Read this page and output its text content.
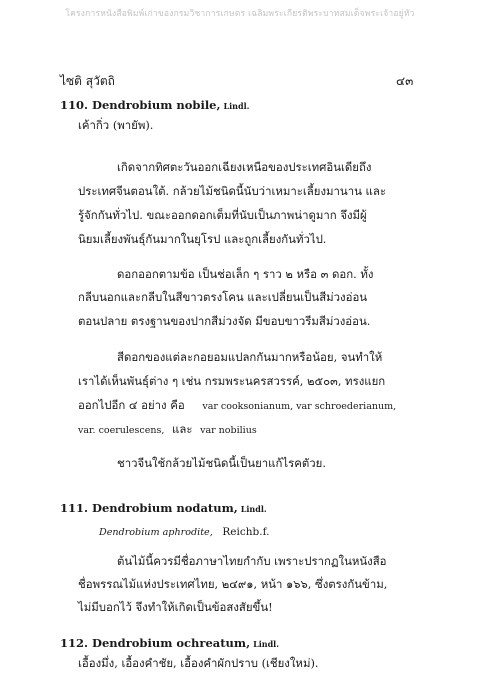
โครงการหนังสือพิมพ์เก่าของกรมวิชาการเกษตร เฉลิมพระเกียรติพระบาทสมเด็จพระเจ้าอยู่หัว
ไซติ สุวัตถิ	๔๓
110. Dendrobium nobile, Lindl.
เค้ากิ่ว (พายัพ).
เกิดจากทิศตะวันออกเฉียงเหนือของประเทศอินเดียถึง
ประเทศจีนตอนใต้. กล้วยไม้ชนิดนี้นับว่าเหมาะเลี้ยงมานาน และ
รู้จักกันทั่วไป. ขณะออกดอกเต็มที่นับเป็นภาพน่าดูมาก จึงมีผู้
นิยมเลี้ยงพันธุ์กันมากในยุโรป และถูกเลี้ยงกันทั่วไป.
ดอกออกตามข้อ เป็นช่อเล็ก ๆ ราว ๒ หรือ ๓ ดอก. ทั้ง
กลีบนอกและกลีบในสีขาวตรงโคน และเปลี่ยนเป็นสีม่วงอ่อน
ตอนปลาย ตรงฐานของปากสีม่วงจัด มีขอบขาวรีมสีม่วงอ่อน.
สีดอกของแต่ละกอยอมแปลกกันมากหรือน้อย, จนทำให้
เราได้เห็นพันธุ์ต่าง ๆ เช่น กรมพระนครสวรรค์, ๒๕๐๓, ทรงแยก
ออกไปอีก ๔ อย่าง คือ var cooksonianum, var schroederianum,
var. coerulescens, และ var nobilius
ชาวจีนใช้กล้วยไม้ชนิดนี้เป็นยาแก้ไรคตัวย.
111. Dendrobium nodatum, Lindl.
Dendrobium aphrodite, Reichb.f.
ต้นไม้นี้ควรมีชื่อภาษาไทยกำกับ เพราะปรากฏในหนังสือ
ชื่อพรรณไม้แห่งประเทศไทย, ๒๔๙๑, หน้า ๑๖๖, ซึ่งตรงกันข้าม,
ไม่มีบอกไว้ จึงทำให้เกิดเป็นข้อสงสัยขึ้น!
112. Dendrobium ochreatum, Lindl.
เอื้องมึ่ง, เอื้องคำชัย, เอื้องคำผักปราบ (เชียงใหม่).
